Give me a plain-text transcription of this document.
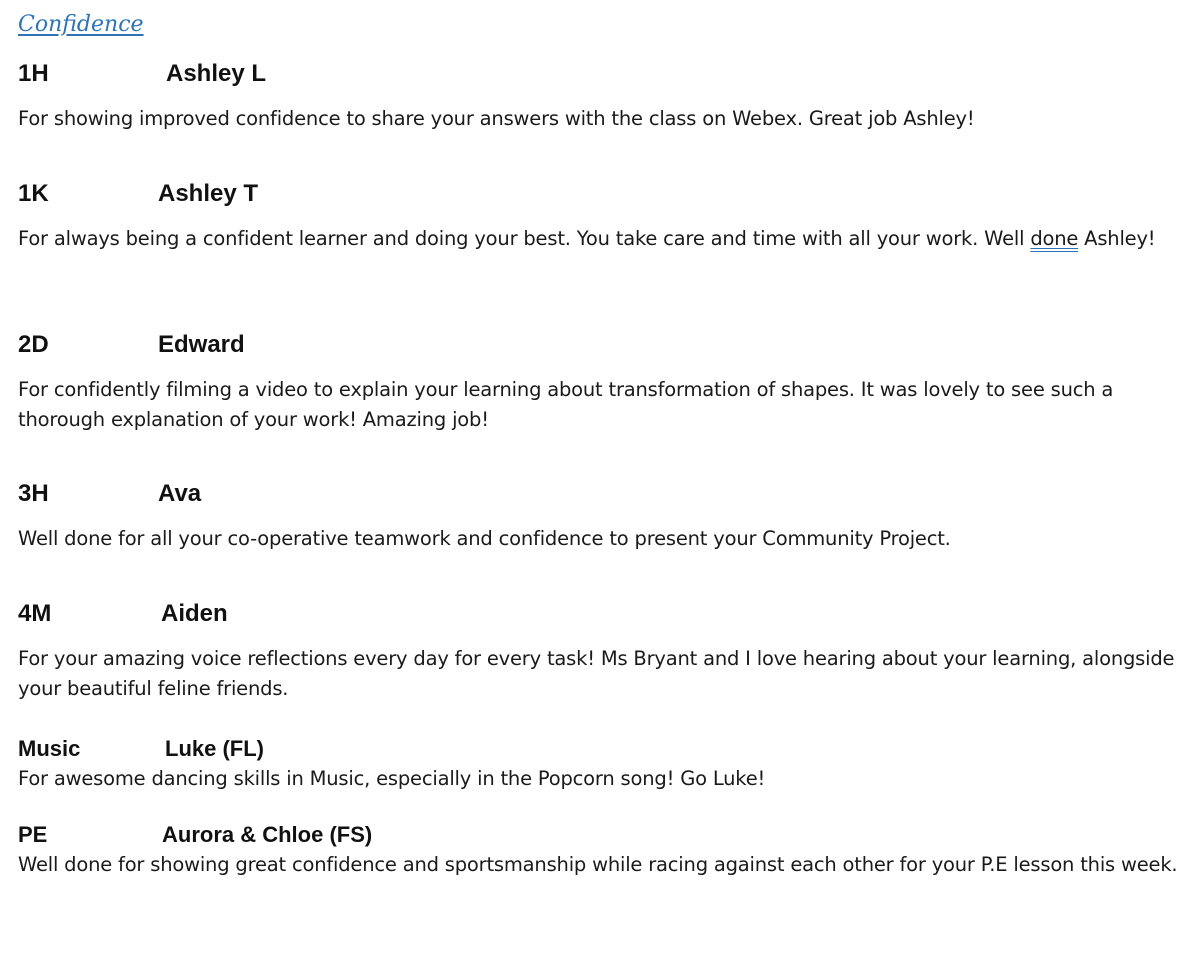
Confidence
1H	Ashley L
For showing improved confidence to share your answers with the class on Webex. Great job Ashley!
1K	Ashley T
For always being a confident learner and doing your best. You take care and time with all your work. Well done Ashley!
2D	Edward
For confidently filming a video to explain your learning about transformation of shapes. It was lovely to see such a thorough explanation of your work! Amazing job!
3H	Ava
Well done for all your co-operative teamwork and confidence to present your Community Project.
4M	Aiden
For your amazing voice reflections every day for every task! Ms Bryant and I love hearing about your learning, alongside your beautiful feline friends.
Music	Luke (FL)
For awesome dancing skills in Music, especially in the Popcorn song! Go Luke!
PE	Aurora & Chloe (FS)
Well done for showing great confidence and sportsmanship while racing against each other for your P.E lesson this week.
